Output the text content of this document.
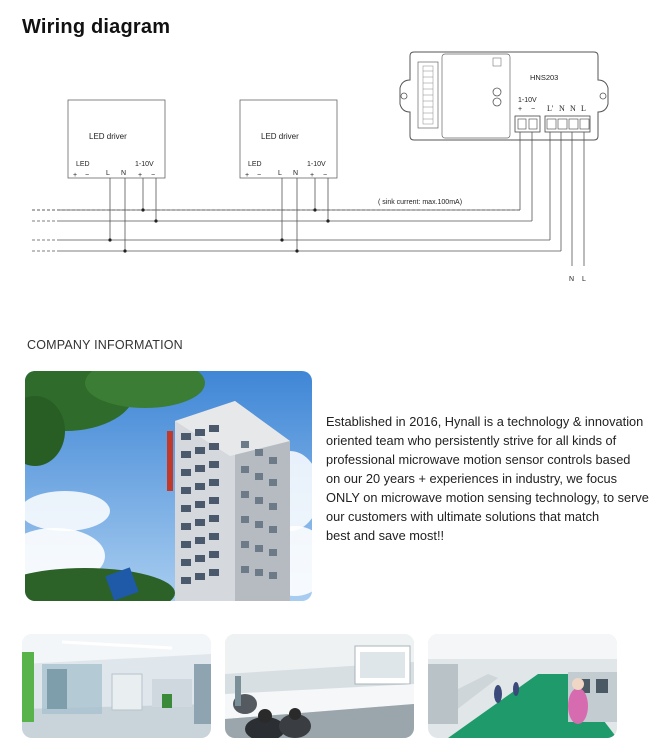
Wiring diagram
LED driver
LED
+ − L N
1-10V
+ −
LED driver
LED
+ − L N
1-10V
+ −
HNS203
1-10V
+ − L' N N L
( sink current: max.100mA)
N L
COMPANY INFORMATION

Established in 2016, Hynall is a technology & innovation
oriented team who persistently strive for all kinds of
professional microwave motion sensor controls based
on our 20 years + experiences in industry, we focus
ONLY on microwave motion sensing technology, to serve
our customers with ultimate solutions that match
best and save most!!
